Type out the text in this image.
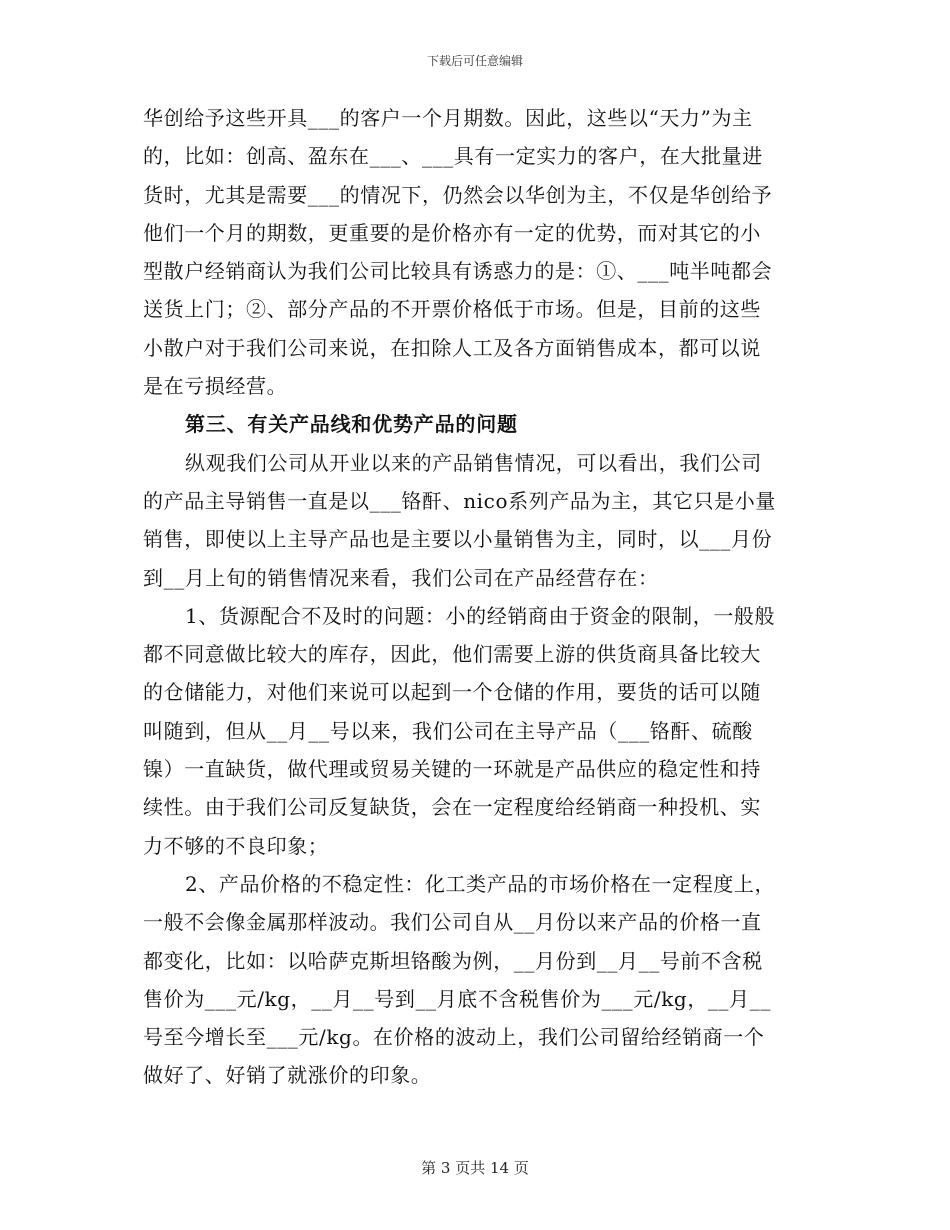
下载后可任意编辑
华创给予这些开具___的客户一个月期数。因此，这些以“天力”为主
的，比如：创高、盈东在___、___具有一定实力的客户，在大批量进
货时，尤其是需要___的情况下，仍然会以华创为主，不仅是华创给予
他们一个月的期数，更重要的是价格亦有一定的优势，而对其它的小
型散户经销商认为我们公司比较具有诱惑力的是：①、___吨半吨都会
送货上门；②、部分产品的不开票价格低于市场。但是，目前的这些
小散户对于我们公司来说，在扣除人工及各方面销售成本，都可以说
是在亏损经营。
第三、有关产品线和优势产品的问题
纵观我们公司从开业以来的产品销售情况，可以看出，我们公司
的产品主导销售一直是以___铬酐、nico系列产品为主，其它只是小量
销售，即使以上主导产品也是主要以小量销售为主，同时，以___月份
到__月上旬的销售情况来看，我们公司在产品经营存在：
1、货源配合不及时的问题：小的经销商由于资金的限制，一般般
都不同意做比较大的库存，因此，他们需要上游的供货商具备比较大
的仓储能力，对他们来说可以起到一个仓储的作用，要货的话可以随
叫随到，但从__月__号以来，我们公司在主导产品（___铬酐、硫酸
镍）一直缺货，做代理或贸易关键的一环就是产品供应的稳定性和持
续性。由于我们公司反复缺货，会在一定程度给经销商一种投机、实
力不够的不良印象；
2、产品价格的不稳定性：化工类产品的市场价格在一定程度上，
一般不会像金属那样波动。我们公司自从__月份以来产品的价格一直
都变化，比如：以哈萨克斯坦铬酸为例，__月份到__月__号前不含税
售价为___元/kg，__月__号到__月底不含税售价为___元/kg，__月__
号至今增长至___元/kg。在价格的波动上，我们公司留给经销商一个
做好了、好销了就涨价的印象。
第 3 页共 14 页
